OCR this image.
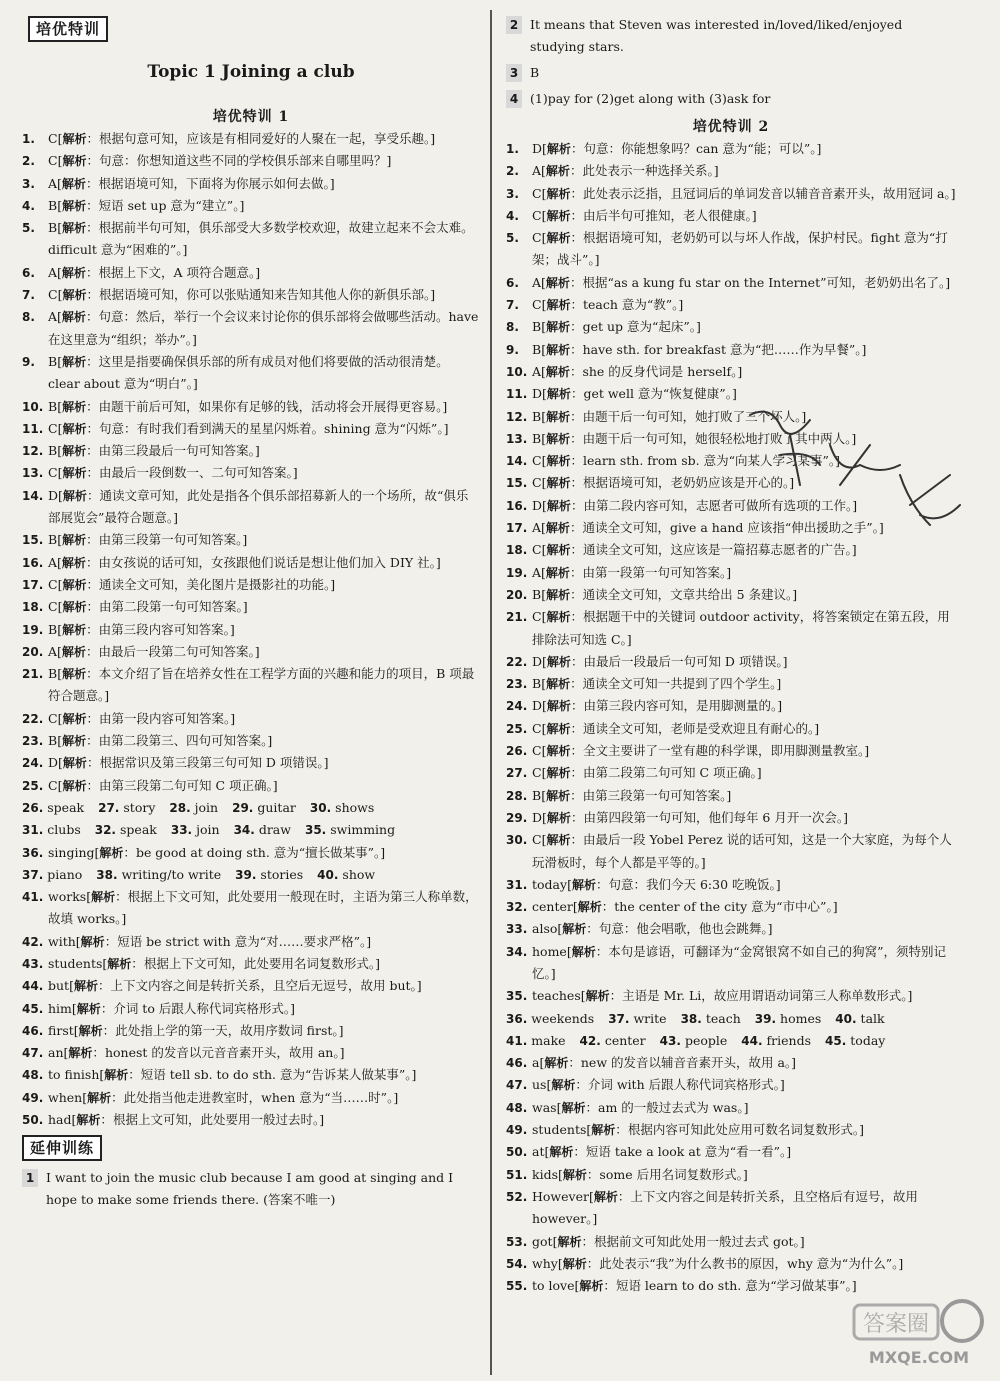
培优特训
Topic 1 Joining a club
培优特训 1
1. C[解析：根据句意可知，应该是有相同爱好的人聚在一起，享受乐趣。]
2. C[解析：句意：你想知道这些不同的学校俱乐部来自哪里吗？]
3. A[解析：根据语境可知，下面将为你展示如何去做。]
4. B[解析：短语 set up 意为“建立”。]
5. B[解析：根据前半句可知，俱乐部受大多数学校欢迎，故建立起来不会太难。difficult 意为“困难的”。]
6. A[解析：根据上下文，A 项符合题意。]
7. C[解析：根据语境可知，你可以张贴通知来告知其他人你的新俱乐部。]
8. A[解析：句意：然后，举行一个会议来讨论你的俱乐部将会做哪些活动。have 在这里意为“组织；举办”。]
9. B[解析：这里是指要确保俱乐部的所有成员对他们将要做的活动很清楚。clear about 意为“明白”。]
10. B[解析：由题干前后可知，如果你有足够的钱，活动将会开展得更容易。]
11. C[解析：句意：有时我们看到满天的星星闪烁着。shining 意为“闪烁”。]
12. B[解析：由第三段最后一句可知答案。]
13. C[解析：由最后一段倒数一、二句可知答案。]
14. D[解析：通读文章可知，此处是指各个俱乐部招募新人的一个场所，故“俱乐部展览会”最符合题意。]
15. B[解析：由第三段第一句可知答案。]
16. A[解析：由女孩说的话可知，女孩跟他们说话是想让他们加入 DIY 社。]
17. C[解析：通读全文可知，美化图片是摄影社的功能。]
18. C[解析：由第二段第一句可知答案。]
19. B[解析：由第三段内容可知答案。]
20. A[解析：由最后一段第二句可知答案。]
21. B[解析：本文介绍了旨在培养女性在工程学方面的兴趣和能力的项目，B 项最符合题意。]
22. C[解析：由第一段内容可知答案。]
23. B[解析：由第二段第三、四句可知答案。]
24. D[解析：根据常识及第三段第三句可知 D 项错误。]
25. C[解析：由第三段第二句可知 C 项正确。]
26. speak 27. story 28. join 29. guitar 30. shows
31. clubs 32. speak 33. join 34. draw 35. swimming
36. singing[解析：be good at doing sth. 意为“擅长做某事”。]
37. piano 38. writing/to write 39. stories 40. show
41. works[解析：根据上下文可知，此处要用一般现在时，主语为第三人称单数，故填 works。]
42. with[解析：短语 be strict with 意为“对……要求严格”。]
43. students[解析：根据上下文可知，此处要用名词复数形式。]
44. but[解析：上下文内容之间是转折关系，且空后无逗号，故用 but。]
45. him[解析：介词 to 后跟人称代词宾格形式。]
46. first[解析：此处指上学的第一天，故用序数词 first。]
47. an[解析：honest 的发音以元音音素开头，故用 an。]
48. to finish[解析：短语 tell sb. to do sth. 意为“告诉某人做某事”。]
49. when[解析：此处指当他走进教室时，when 意为“当……时”。]
50. had[解析：根据上文可知，此处要用一般过去时。]
延伸训练
1 I want to join the music club because I am good at singing and I hope to make some friends there. (答案不唯一)
2 It means that Steven was interested in/loved/liked/enjoyed studying stars.
3 B
4 (1)pay for (2)get along with (3)ask for
培优特训 2
1. D[解析：句意：你能想象吗？can 意为“能；可以”。]
2. A[解析：此处表示一种选择关系。]
3. C[解析：此处表示泛指，且冠词后的单词发音以辅音音素开头，故用冠词 a。]
4. C[解析：由后半句可推知，老人很健康。]
5. C[解析：根据语境可知，老奶奶可以与坏人作战，保护村民。fight 意为“打架；战斗”。]
6. A[解析：根据“as a kung fu star on the Internet”可知，老奶奶出名了。]
7. C[解析：teach 意为“教”。]
8. B[解析：get up 意为“起床”。]
9. B[解析：have sth. for breakfast 意为“把……作为早餐”。]
10. A[解析：she 的反身代词是 herself。]
11. D[解析：get well 意为“恢复健康”。]
12. B[解析：由题干后一句可知，她打败了三个坏人。]
13. B[解析：由题干后一句可知，她很轻松地打败了其中两人。]
14. C[解析：learn sth. from sb. 意为“向某人学习某事”。]
15. C[解析：根据语境可知，老奶奶应该是开心的。]
16. D[解析：由第二段内容可知，志愿者可做所有选项的工作。]
17. A[解析：通读全文可知，give a hand 应该指“伸出援助之手”。]
18. C[解析：通读全文可知，这应该是一篇招募志愿者的广告。]
19. A[解析：由第一段第一句可知答案。]
20. B[解析：通读全文可知，文章共给出 5 条建议。]
21. C[解析：根据题干中的关键词 outdoor activity，将答案锁定在第五段，用排除法可知选 C。]
22. D[解析：由最后一段最后一句可知 D 项错误。]
23. B[解析：通读全文可知一共提到了四个学生。]
24. D[解析：由第三段内容可知，是用脚测量的。]
25. C[解析：通读全文可知，老师是受欢迎且有耐心的。]
26. C[解析：全文主要讲了一堂有趣的科学课，即用脚测量教室。]
27. C[解析：由第二段第二句可知 C 项正确。]
28. B[解析：由第三段第一句可知答案。]
29. D[解析：由第四段第一句可知，他们每年 6 月开一次会。]
30. C[解析：由最后一段 Yobel Perez 说的话可知，这是一个大家庭，为每个人玩滑板时，每个人都是平等的。]
31. today[解析：句意：我们今天 6:30 吃晚饭。]
32. center[解析：the center of the city 意为“市中心”。]
33. also[解析：句意：他会唱歌，他也会跳舞。]
34. home[解析：本句是谚语，可翻译为“金窝银窝不如自己的狗窝”，须特别记忆。]
35. teaches[解析：主语是 Mr. Li，故应用谓语动词第三人称单数形式。]
36. weekends 37. write 38. teach 39. homes 40. talk
41. make 42. center 43. people 44. friends 45. today
46. a[解析：new 的发音以辅音音素开头，故用 a。]
47. us[解析：介词 with 后跟人称代词宾格形式。]
48. was[解析：am 的一般过去式为 was。]
49. students[解析：根据内容可知此处应用可数名词复数形式。]
50. at[解析：短语 take a look at 意为“看一看”。]
51. kids[解析：some 后用名词复数形式。]
52. However[解析：上下文内容之间是转折关系，且空格后有逗号，故用 however。]
53. got[解析：根据前文可知此处用一般过去式 got。]
54. why[解析：此处表示“我”为什么教书的原因，why 意为“为什么”。]
55. to love[解析：短语 learn to do sth. 意为“学习做某事”。]
答案圈
MXQE.COM
